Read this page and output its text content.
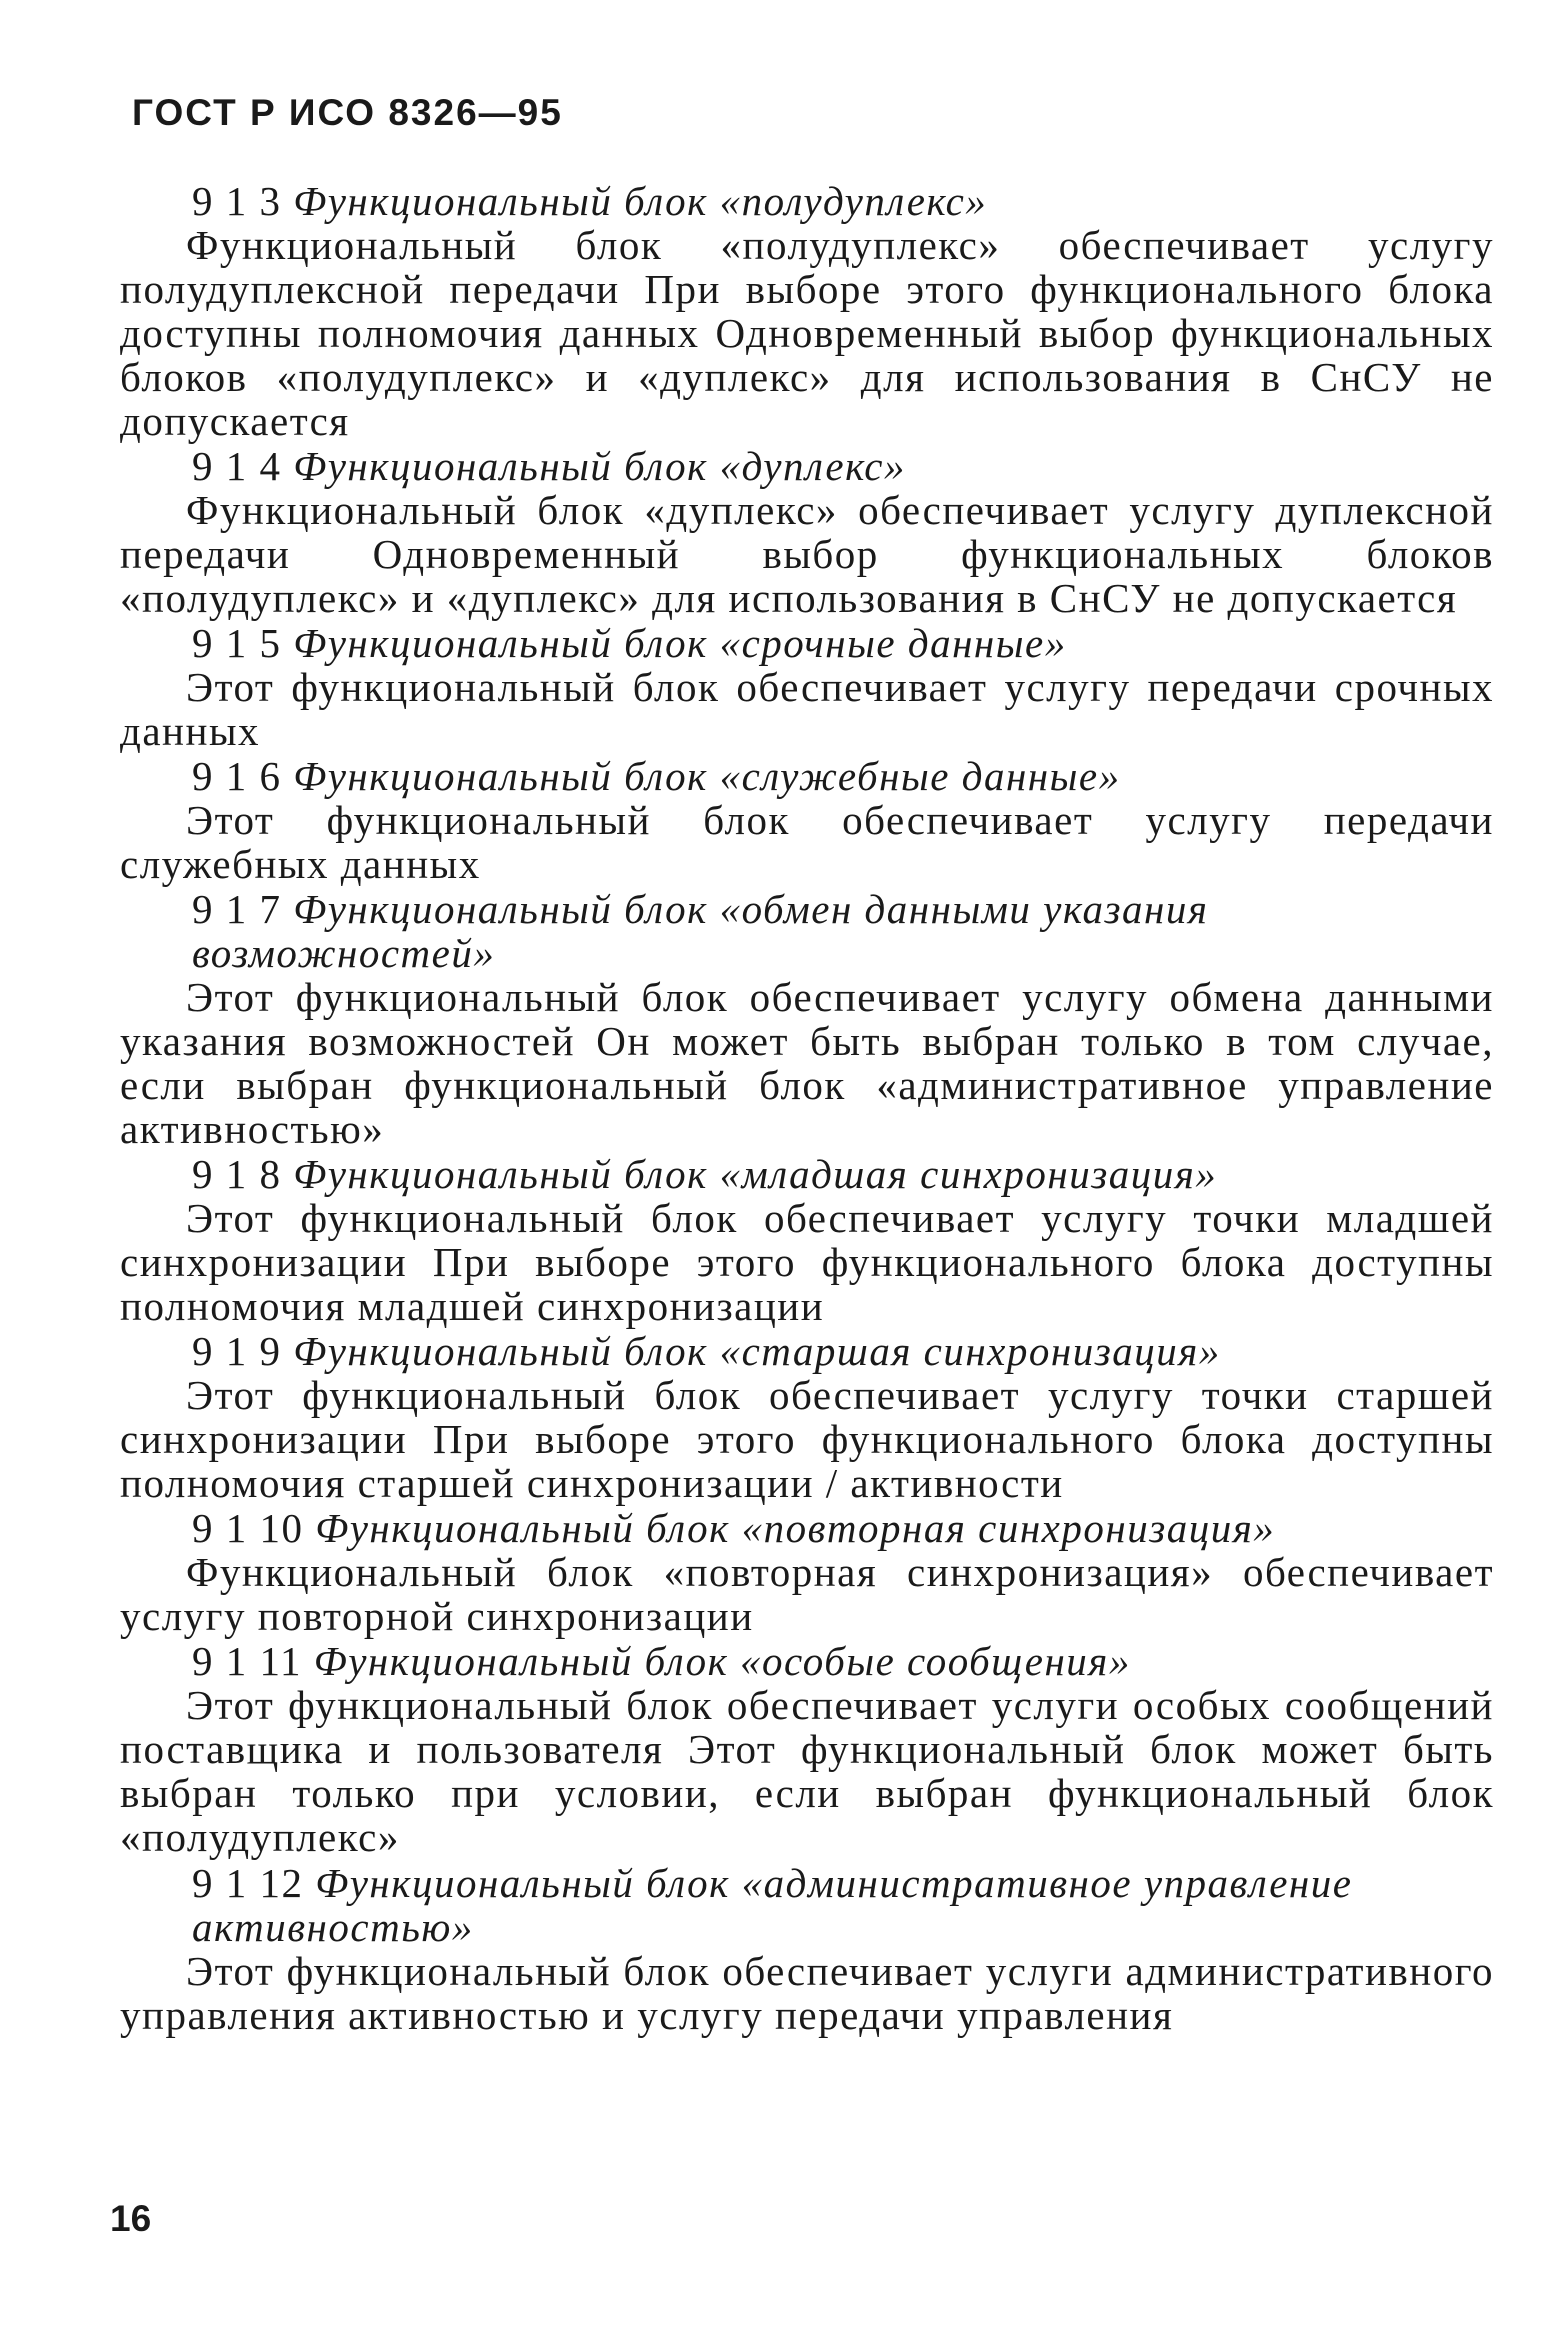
ГОСТ Р ИСО 8326—95
9 1 3 Функциональный блок «полудуплекс»
Функциональный блок «полудуплекс» обеспечивает услугу полудуплексной передачи При выборе этого функционального блока доступны полномочия данных Одновременный выбор функциональных блоков «полудуплекс» и «дуплекс» для использования в СнСУ не допускается
9 1 4 Функциональный блок «дуплекс»
Функциональный блок «дуплекс» обеспечивает услугу дуплексной передачи Одновременный выбор функциональных блоков «полудуплекс» и «дуплекс» для использования в СнСУ не допускается
9 1 5 Функциональный блок «срочные данные»
Этот функциональный блок обеспечивает услугу передачи срочных данных
9 1 6 Функциональный блок «служебные данные»
Этот функциональный блок обеспечивает услугу передачи служебных данных
9 1 7 Функциональный блок «обмен данными указания возможностей»
Этот функциональный блок обеспечивает услугу обмена данными указания возможностей Он может быть выбран только в том случае, если выбран функциональный блок «административное управление активностью»
9 1 8 Функциональный блок «младшая синхронизация»
Этот функциональный блок обеспечивает услугу точки младшей синхронизации При выборе этого функционального блока доступны полномочия младшей синхронизации
9 1 9 Функциональный блок «старшая синхронизация»
Этот функциональный блок обеспечивает услугу точки старшей синхронизации При выборе этого функционального блока доступны полномочия старшей синхронизации / активности
9 1 10 Функциональный блок «повторная синхронизация»
Функциональный блок «повторная синхронизация» обеспечивает услугу повторной синхронизации
9 1 11 Функциональный блок «особые сообщения»
Этот функциональный блок обеспечивает услуги особых сообщений поставщика и пользователя Этот функциональный блок может быть выбран только при условии, если выбран функциональный блок «полудуплекс»
9 1 12 Функциональный блок «административное управление активностью»
Этот функциональный блок обеспечивает услуги административного управления активностью и услугу передачи управления
16
